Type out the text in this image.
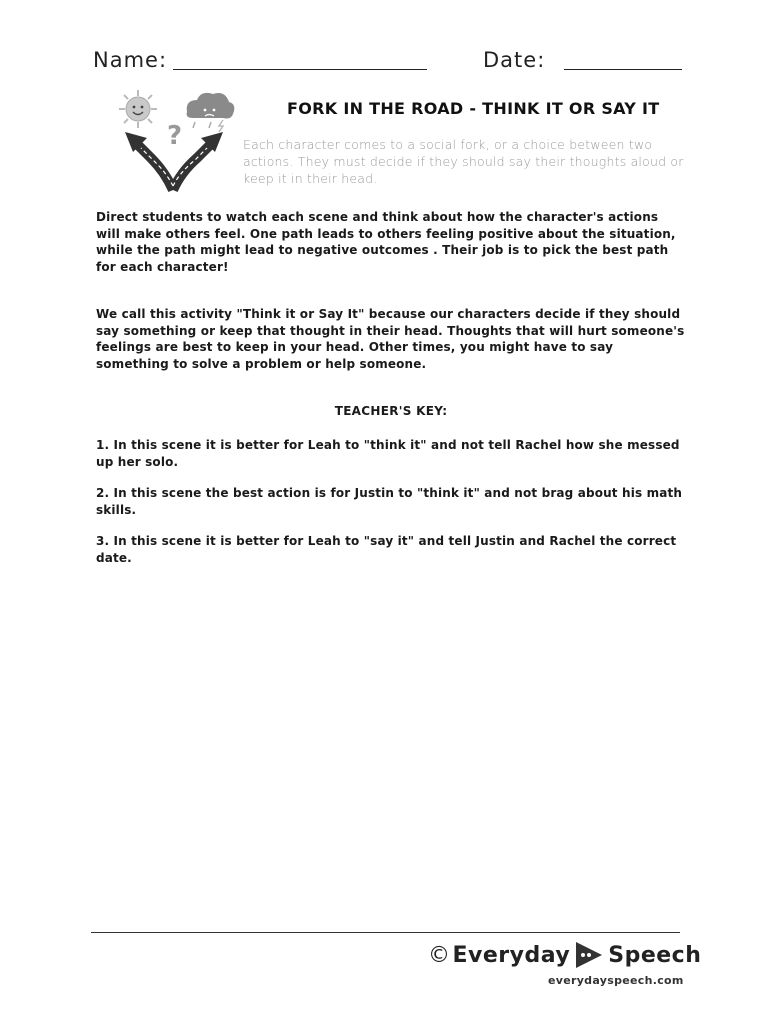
Name:	Date:
?
FORK IN THE ROAD - THINK IT OR SAY IT
Each character comes to a social fork, or a choice between two actions. They must decide if they should say their thoughts aloud or keep it in their head.
Direct students to watch each scene and think about how the character's actions will make others feel. One path leads to others feeling positive about the situation, while the path might lead to negative outcomes . Their job is to pick the best path for each character!
We call this activity "Think it or Say It" because our characters decide if they should say something or keep that thought in their head. Thoughts that will hurt someone's feelings are best to keep in your head. Other times, you might have to say something to solve a problem or help someone.
TEACHER'S KEY:
1. In this scene it is better for Leah to "think it" and not tell Rachel how she messed up her solo.
2. In this scene the best action is for Justin to "think it" and not brag about his math skills.
3. In this scene it is better for Leah to "say it" and tell Justin and Rachel the correct date.
© Everyday Speech
everydayspeech.com
